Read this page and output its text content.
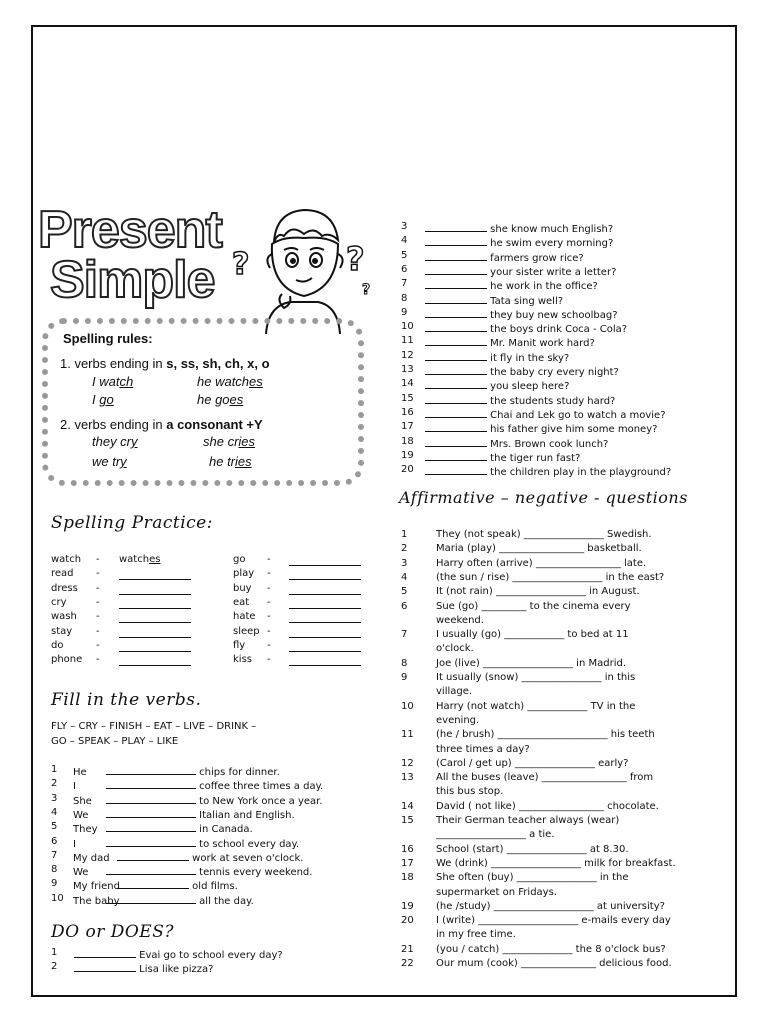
Present
Simple ?	?
?
Spelling rules:
1. verbs ending in s, ss, sh, ch, x, o
I watch	he watches
I go	he goes
2. verbs ending in a consonant +Y
they cry	she cries
we try	he tries
Spelling Practice:
watch - watches
read -
dress -
cry	-
wash -
stay -
do	-
phone -
go -
play -
buy -
eat -
hate -
sleep -
fly -
kiss -
Fill in the verbs.
FLY – CRY – FINISH – EAT – LIVE – DRINK –
GO – SPEAK – PLAY – LIKE
1 He	chips for dinner.
2 I	coffee three times a day.
3 She	to New York once a year.
4 We	Italian and English.
5 They	in Canada.
6 I	to school every day.
7 My dad	work at seven o'clock.
8 We	tennis every weekend.
9 My friend	old films.
10 The baby	all the day.
DO or DOES?
1	Evai go to school every day?
2	Lisa like pizza?
3	she know much English?
4	he swim every morning?
5	farmers grow rice?
6	your sister write a letter?
7	he work in the office?
8	Tata sing well?
9	they buy new schoolbag?
10	the boys drink Coca - Cola?
11	Mr. Manit work hard?
12	it fly in the sky?
13	the baby cry every night?
14	you sleep here?
15	the students study hard?
16	Chai and Lek go to watch a movie?
17	his father give him some money?
18	Mrs. Brown cook lunch?
19	the tiger run fast?
20	the children play in the playground?
Affirmative – negative - questions
1	They (not speak) ________________ Swedish.
2	Maria (play) _________________ basketball.
3	Harry often (arrive) _________________ late.
4	(the sun / rise) __________________ in the east?
5	It (not rain) __________________ in August.
6	Sue (go) _________ to the cinema every
weekend.
7	I usually (go) ____________ to bed at 11
o'clock.
8	Joe (live) __________________ in Madrid.
9	It usually (snow) ________________ in this
village.
10 Harry (not watch) ____________ TV in the
evening.
11 (he / brush) ______________________ his teeth
three times a day?
12 (Carol / get up) ________________ early?
13 All the buses (leave) _________________ from
this bus stop.
14 David ( not like) _________________ chocolate.
15 Their German teacher always (wear)
__________________ a tie.
16 School (start) ________________ at 8.30.
17 We (drink) __________________ milk for breakfast.
18 She often (buy) ________________ in the
supermarket on Fridays.
19 (he /study) ____________________ at university?
20 I (write) ____________________ e-mails every day
in my free time.
21 (you / catch) ______________ the 8 o'clock bus?
22 Our mum (cook) _______________ delicious food.
